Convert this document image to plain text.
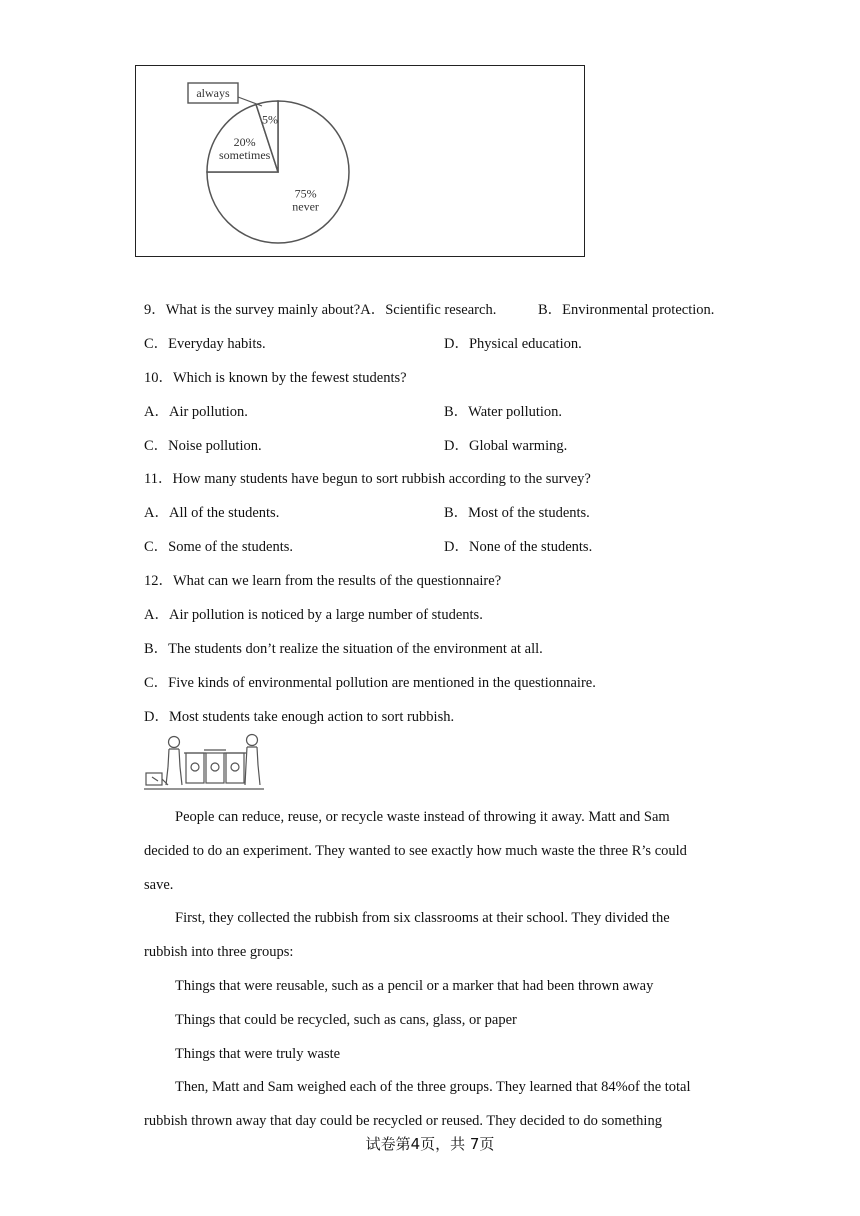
75%
never
20%
sometimes
5%
always
9．What is the survey mainly about?A．Scientific research.	B．Environmental protection.
C．Everyday habits.	D．Physical education.
10．Which is known by the fewest students?
A．Air pollution.	B．Water pollution.
C．Noise pollution.	D．Global warming.
11．How many students have begun to sort rubbish according to the survey?
A．All of the students.	B．Most of the students.
C．Some of the students.	D．None of the students.
12．What can we learn from the results of the questionnaire?
A．Air pollution is noticed by a large number of students.
B．The students don’t realize the situation of the environment at all.
C．Five kinds of environmental pollution are mentioned in the questionnaire.
D．Most students take enough action to sort rubbish.
People can reduce, reuse, or recycle waste instead of throwing it away. Matt and Sam
decided to do an experiment. They wanted to see exactly how much waste the three R’s could
save.
First, they collected the rubbish from six classrooms at their school. They divided the
rubbish into three groups:
Things that were reusable, such as a pencil or a marker that had been thrown away
Things that could be recycled, such as cans, glass, or paper
Things that were truly waste
Then, Matt and Sam weighed each of the three groups. They learned that 84%of the total
rubbish thrown away that day could be recycled or reused. They decided to do something
试卷第4页，共 7页
